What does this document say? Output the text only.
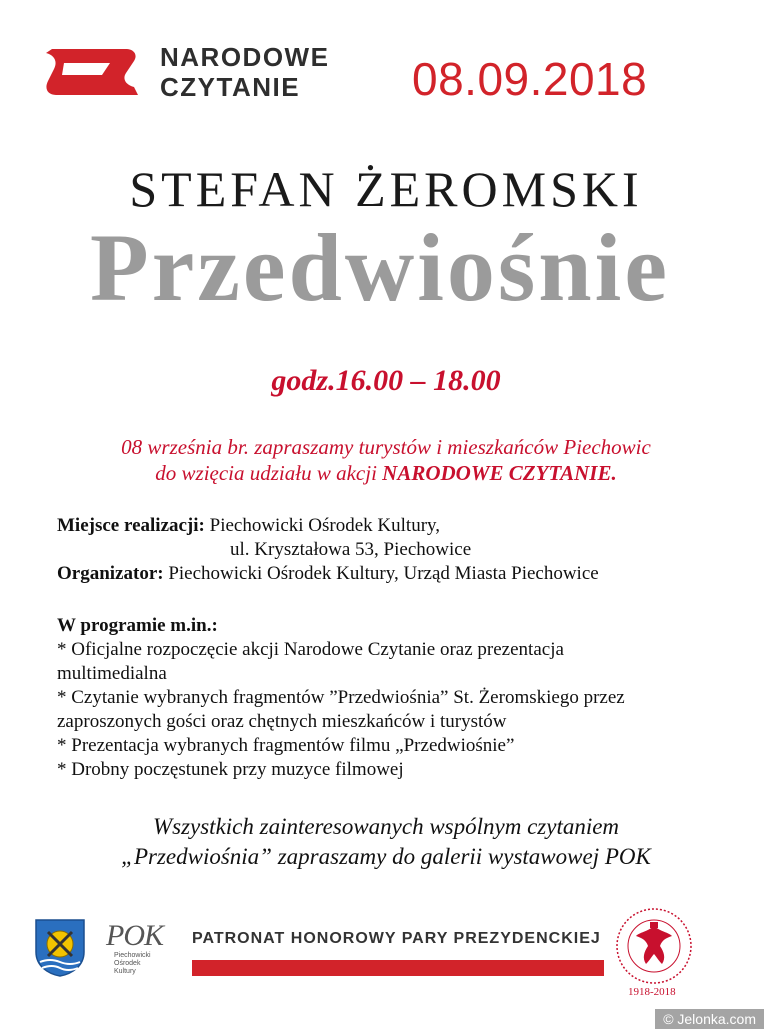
NARODOWE
CZYTANIE	08.09.2018
STEFAN ŻEROMSKI
Przedwiośnie
godz.16.00 – 18.00
08 września br. zapraszamy turystów i mieszkańców Piechowic
do wzięcia udziału w akcji NARODOWE CZYTANIE.
Miejsce realizacji: Piechowicki Ośrodek Kultury,
ul. Kryształowa 53, Piechowice
Organizator: Piechowicki Ośrodek Kultury, Urząd Miasta Piechowice
W programie m.in.:
* Oficjalne rozpoczęcie akcji Narodowe Czytanie oraz prezentacja
multimedialna
* Czytanie wybranych fragmentów ”Przedwiośnia” St. Żeromskiego przez
zaproszonych gości oraz chętnych mieszkańców i turystów
* Prezentacja wybranych fragmentów filmu „Przedwiośnie”
* Drobny poczęstunek przy muzyce filmowej
Wszystkich zainteresowanych wspólnym czytaniem
„Przedwiośnia” zapraszamy do galerii wystawowej POK
POK
Piechowicki
Ośrodek
Kultury
PATRONAT HONOROWY PARY PREZYDENCKIEJ
1918-2018
© Jelonka.com
